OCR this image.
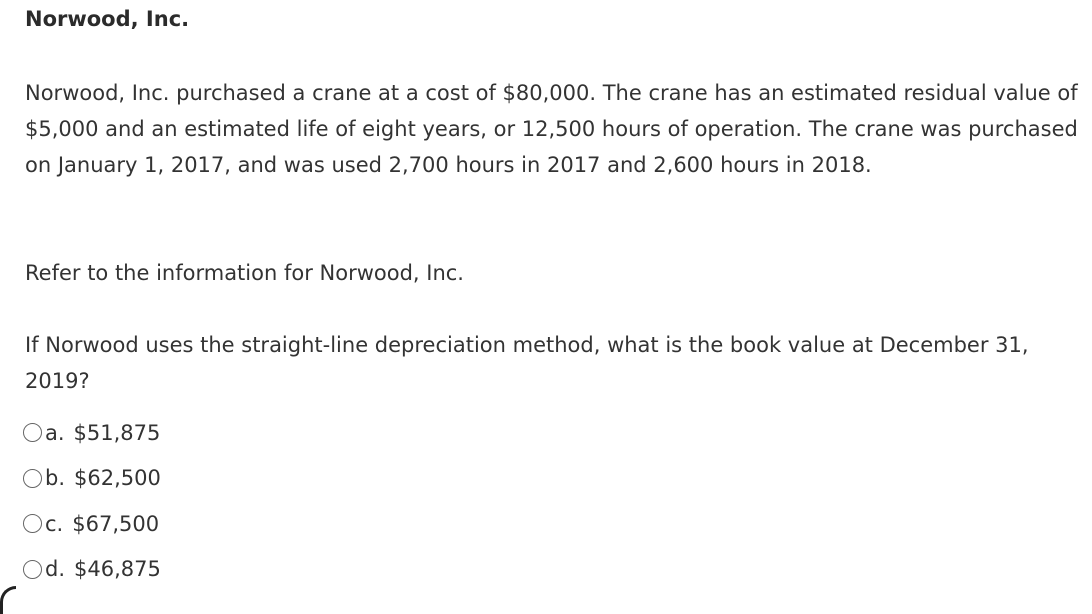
Norwood, Inc.
Norwood, Inc. purchased a crane at a cost of $80,000. The crane has an estimated residual value of $5,000 and an estimated life of eight years, or 12,500 hours of operation. The crane was purchased on January 1, 2017, and was used 2,700 hours in 2017 and 2,600 hours in 2018.
Refer to the information for Norwood, Inc.
If Norwood uses the straight-line depreciation method, what is the book value at December 31, 2019?
a. $51,875
b. $62,500
c. $67,500
d. $46,875
